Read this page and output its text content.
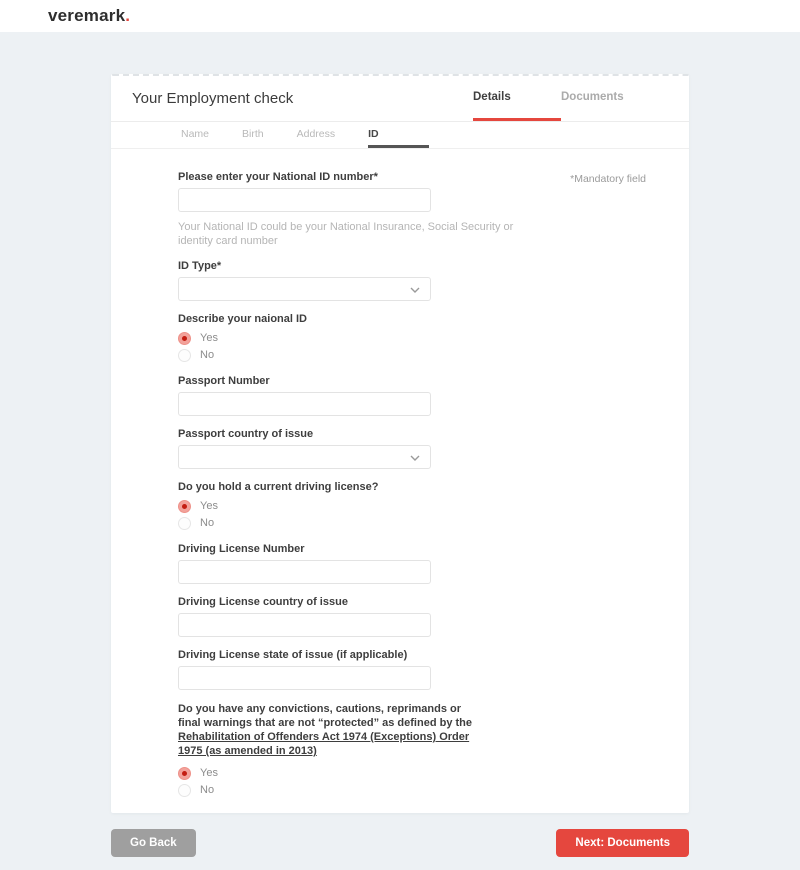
veremark.
Your Employment check	Details	Documents
Name	Birth	Address	ID
*Mandatory field
Please enter your National ID number*
Your National ID could be your National Insurance, Social Security or identity card number
ID Type*
Describe your naional ID
Yes
No
Passport Number
Passport country of issue
Do you hold a current driving license?
Yes
No
Driving License Number
Driving License country of issue
Driving License state of issue (if applicable)
Do you have any convictions, cautions, reprimands or final warnings that are not “protected” as defined by the Rehabilitation of Offenders Act 1974 (Exceptions) Order 1975 (as amended in 2013)
Yes
No
Go Back	Next: Documents
